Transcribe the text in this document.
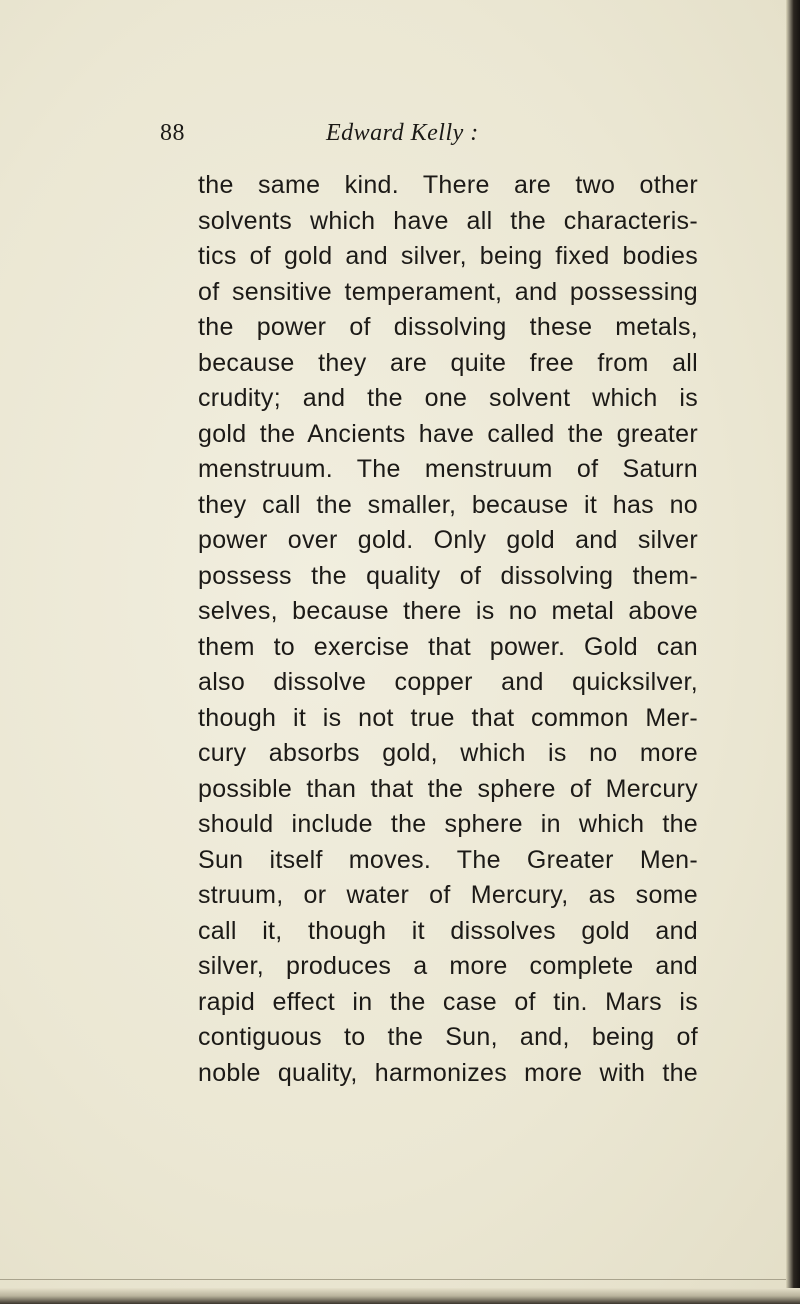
88	Edward Kelly :
the same kind. There are two other
solvents which have all the characteris-
tics of gold and silver, being fixed bodies
of sensitive temperament, and possessing
the power of dissolving these metals,
because they are quite free from all
crudity; and the one solvent which is
gold the Ancients have called the greater
menstruum. The menstruum of Saturn
they call the smaller, because it has no
power over gold. Only gold and silver
possess the quality of dissolving them-
selves, because there is no metal above
them to exercise that power. Gold can
also dissolve copper and quicksilver,
though it is not true that common Mer-
cury absorbs gold, which is no more
possible than that the sphere of Mercury
should include the sphere in which the
Sun itself moves. The Greater Men-
struum, or water of Mercury, as some
call it, though it dissolves gold and
silver, produces a more complete and
rapid effect in the case of tin. Mars is
contiguous to the Sun, and, being of
noble quality, harmonizes more with the
